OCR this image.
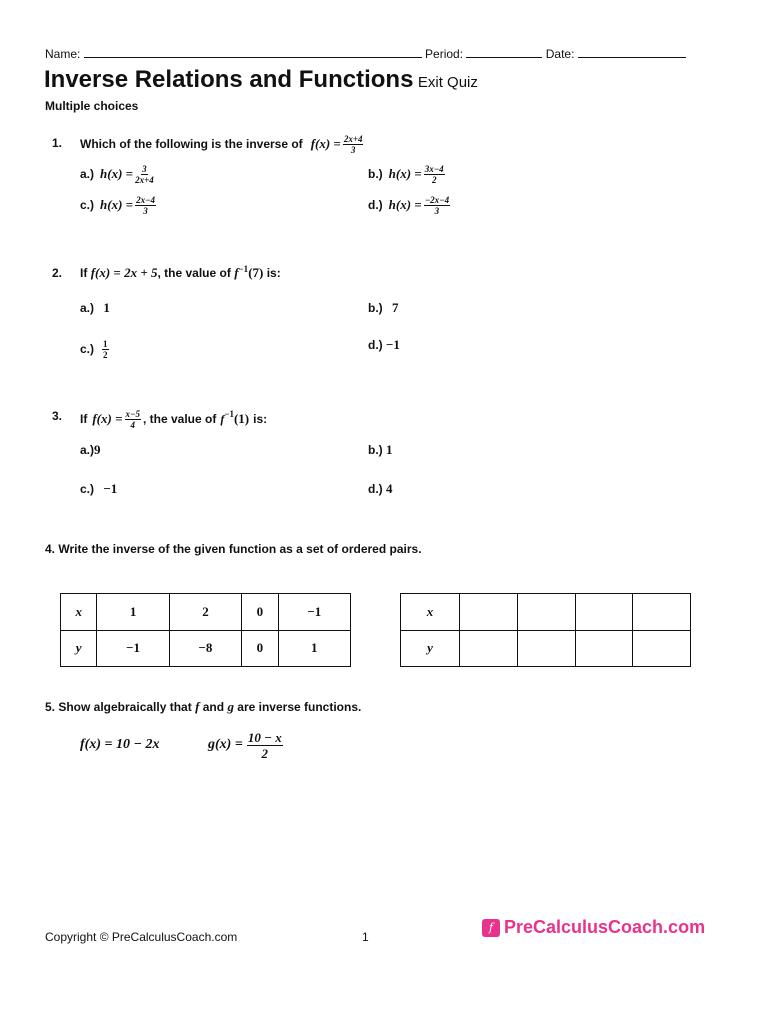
Name:	Period:	Date:
Inverse Relations and Functions Exit Quiz
Multiple choices
1. Which of the following is the inverse of $f(x) = \frac{2x+4}{3}$
a.) $h(x) = \frac{3}{2x+4}$	b.) $h(x) = \frac{3x-4}{2}$
c.) $h(x) = \frac{2x-4}{3}$	d.) $h(x) = \frac{-2x-4}{3}$
2. If f(x) = 2x + 5, the value of $f^{-1}(7)$ is:
a.) 1	b.) 7
$c.) \frac{1}{2}$	d.) −1
3. If $f(x) = \frac{x-5}{4}$ , the value of $f^{-1}$ (1) is:
a.)9	b.) 1
c.) −1	d.) 4
4. Write the inverse of the given function as a set of ordered pairs.
x	1	2	0	−1
y	−1	−8	0	1
x				
y				
5. Show algebraically that f and g are inverse functions.
f(x) = 10 − 2x	$g(x) = \frac{10 - x}{2}$
Copyright © PreCalculusCoach.com	1
f PreCalculusCoach.com
